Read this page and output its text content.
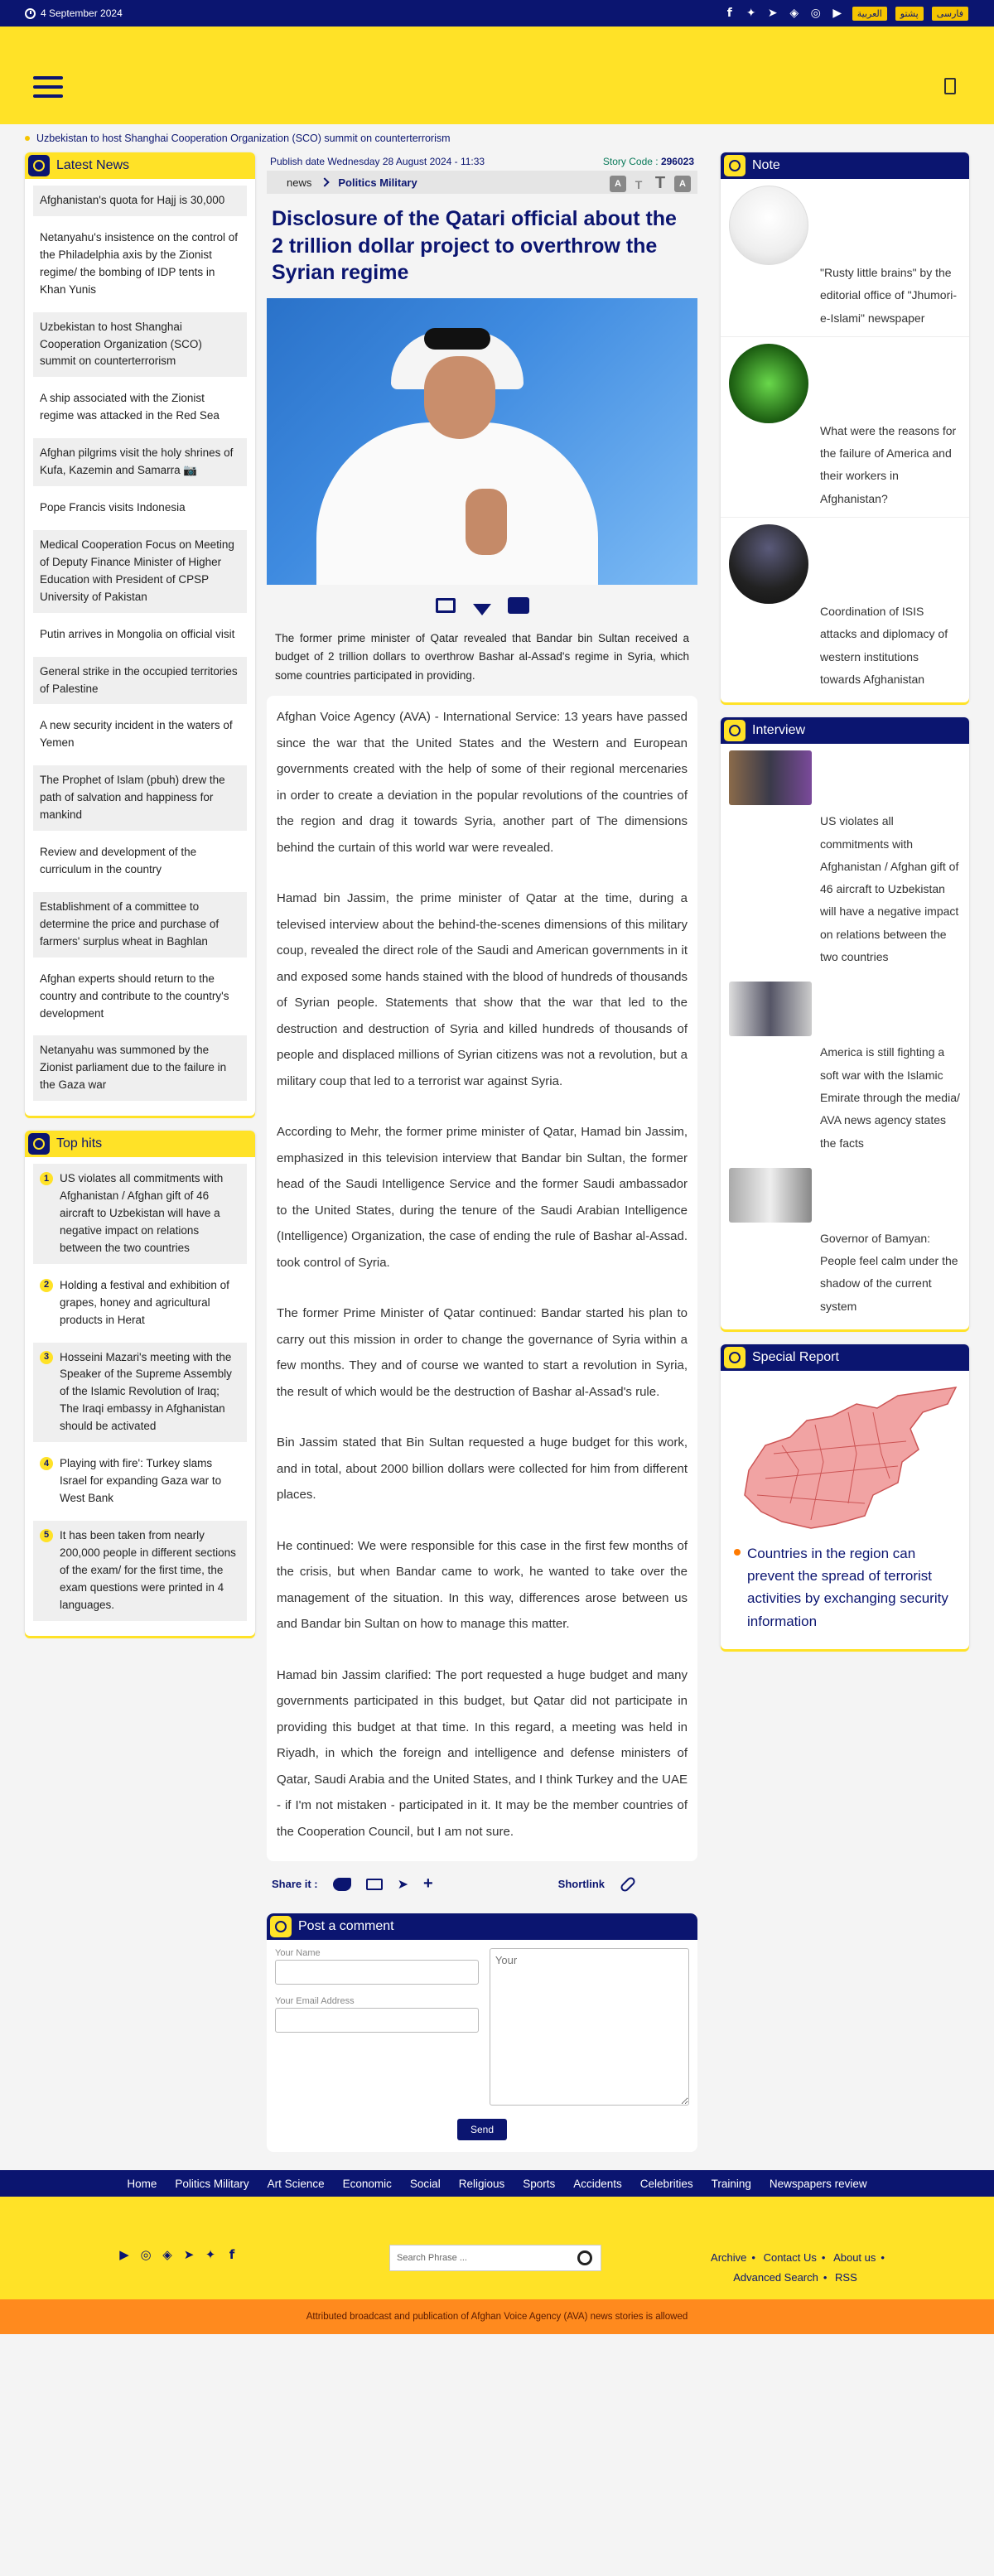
4 September 2024	f	✦ ➤ ◈ ◎ ▶	العربية	پشتو	فارسی
Uzbekistan to host Shanghai Cooperation Organization (SCO) summit on counterterrorism
Latest News
Afghanistan's quota for Hajj is 30,000
Netanyahu's insistence on the control of the Philadelphia axis by the Zionist regime/ the bombing of IDP tents in Khan Yunis
Uzbekistan to host Shanghai Cooperation Organization (SCO) summit on counterterrorism
A ship associated with the Zionist regime was attacked in the Red Sea
Afghan pilgrims visit the holy shrines of Kufa, Kazemin and Samarra 📷
Pope Francis visits Indonesia
Medical Cooperation Focus on Meeting of Deputy Finance Minister of Higher Education with President of CPSP University of Pakistan
Putin arrives in Mongolia on official visit
General strike in the occupied territories of Palestine
A new security incident in the waters of Yemen
The Prophet of Islam (pbuh) drew the path of salvation and happiness for mankind
Review and development of the curriculum in the country
Establishment of a committee to determine the price and purchase of farmers' surplus wheat in Baghlan
Afghan experts should return to the country and contribute to the country's development
Netanyahu was summoned by the Zionist parliament due to the failure in the Gaza war
Top hits
1 US violates all commitments with Afghanistan / Afghan gift of 46 aircraft to Uzbekistan will have a negative impact on relations between the two countries
2 Holding a festival and exhibition of grapes, honey and agricultural products in Herat
3 Hosseini Mazari's meeting with the Speaker of the Supreme Assembly of the Islamic Revolution of Iraq; The Iraqi embassy in Afghanistan should be activated
4 Playing with fire': Turkey slams Israel for expanding Gaza war to West Bank
5 It has been taken from nearly 200,000 people in different sections of the exam/ for the first time, the exam questions were printed in 4 languages.
Publish date Wednesday 28 August 2024 - 11:33	Story Code : 296023
news Politics Military	A	T T	A
Disclosure of the Qatari official about the 2 trillion dollar project to overthrow the Syrian regime

The former prime minister of Qatar revealed that Bandar bin Sultan received a budget of 2 trillion dollars to overthrow Bashar al-Assad's regime in Syria, which some countries participated in providing.

Afghan Voice Agency (AVA) - International Service: 13 years have passed since the war that the United States and the Western and European governments created with the help of some of their regional mercenaries in order to create a deviation in the popular revolutions of the countries of the region and drag it towards Syria, another part of The dimensions behind the curtain of this world war were revealed.

Hamad bin Jassim, the prime minister of Qatar at the time, during a televised interview about the behind-the-scenes dimensions of this military coup, revealed the direct role of the Saudi and American governments in it and exposed some hands stained with the blood of hundreds of thousands of Syrian people. Statements that show that the war that led to the destruction and destruction of Syria and killed hundreds of thousands of people and displaced millions of Syrian citizens was not a revolution, but a military coup that led to a terrorist war against Syria.

According to Mehr, the former prime minister of Qatar, Hamad bin Jassim, emphasized in this television interview that Bandar bin Sultan, the former head of the Saudi Intelligence Service and the former Saudi ambassador to the United States, during the tenure of the Saudi Arabian Intelligence (Intelligence) Organization, the case of ending the rule of Bashar al-Assad. took control of Syria.

The former Prime Minister of Qatar continued: Bandar started his plan to carry out this mission in order to change the governance of Syria within a few months. They and of course we wanted to start a revolution in Syria, the result of which would be the destruction of Bashar al-Assad's rule.

Bin Jassim stated that Bin Sultan requested a huge budget for this work, and in total, about 2000 billion dollars were collected for him from different places.

He continued: We were responsible for this case in the first few months of the crisis, but when Bandar came to work, he wanted to take over the management of the situation. In this way, differences arose between us and Bandar bin Sultan on how to manage this matter.

Hamad bin Jassim clarified: The port requested a huge budget and many governments participated in this budget, but Qatar did not participate in providing this budget at that time. In this regard, a meeting was held in Riyadh, in which the foreign and intelligence and defense ministers of Qatar, Saudi Arabia and the United States, and I think Turkey and the UAE - if I'm not mistaken - participated in it. It may be the member countries of the Cooperation Council, but I am not sure.

Share it :	➤ +	Shortlink
Post a comment
Your Name
Your Email Address
Your
Send
Note
"Rusty little brains" by the editorial office of "Jhumori-e-Islami" newspaper
What were the reasons for the failure of America and their workers in Afghanistan?
Coordination of ISIS attacks and diplomacy of western institutions towards Afghanistan
Interview
US violates all commitments with Afghanistan / Afghan gift of 46 aircraft to Uzbekistan will have a negative impact on relations between the two countries
America is still fighting a soft war with the Islamic Emirate through the media/ AVA news agency states the facts
Governor of Bamyan: People feel calm under the shadow of the current system
Special Report
Countries in the region can prevent the spread of terrorist activities by exchanging security information
Home Politics Military Art Science Economic Social Religious Sports Accidents Celebrities Training Newspapers review
▶ ◎ ◈ ➤ ✦	f	Search Phrase ...	Archive • Contact Us • About us •
Advanced Search • RSS
Attributed broadcast and publication of Afghan Voice Agency (AVA) news stories is allowed
